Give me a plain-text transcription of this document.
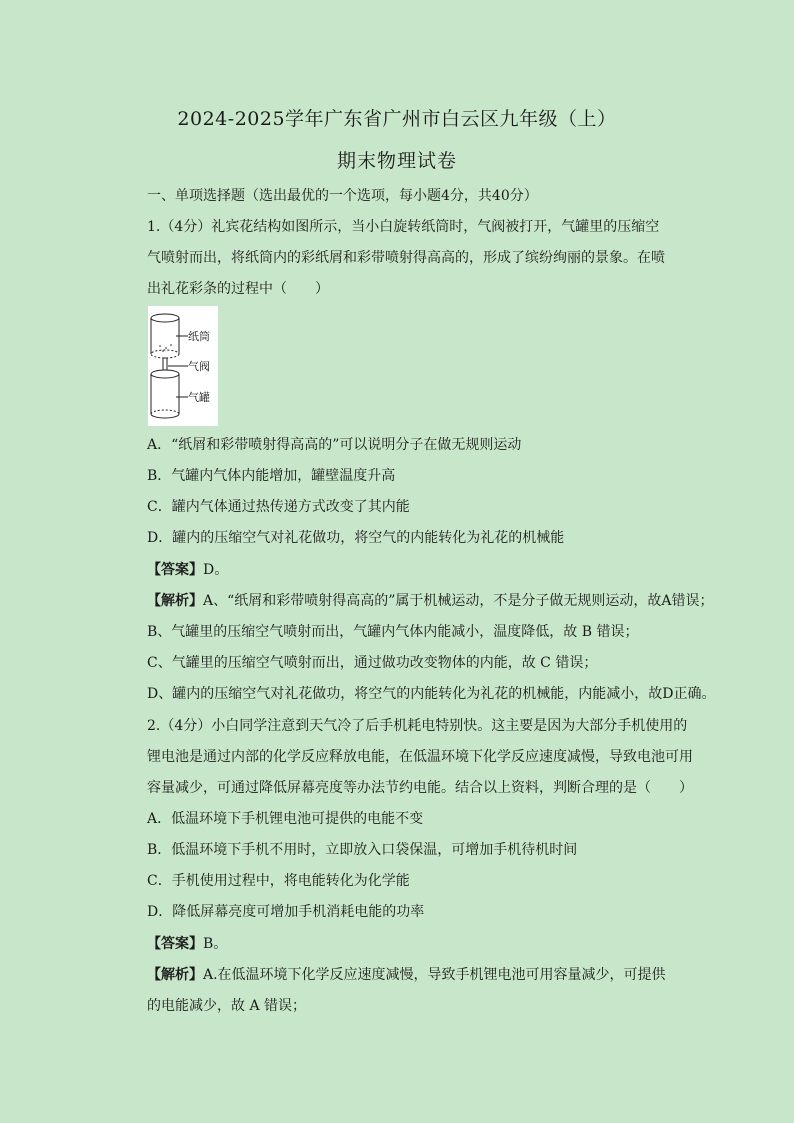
2024-2025学年广东省广州市白云区九年级（上）
期末物理试卷
一、单项选择题（选出最优的一个选项，每小题4分，共40分）
1.（4分）礼宾花结构如图所示，当小白旋转纸筒时，气阀被打开，气罐里的压缩空
气喷射而出，将纸筒内的彩纸屑和彩带喷射得高高的，形成了缤纷绚丽的景象。在喷
出礼花彩条的过程中（　　）
纸筒
气阀
气罐
A．“纸屑和彩带喷射得高高的”可以说明分子在做无规则运动
B．气罐内气体内能增加，罐壁温度升高
C．罐内气体通过热传递方式改变了其内能
D．罐内的压缩空气对礼花做功，将空气的内能转化为礼花的机械能
【答案】D。
【解析】A、“纸屑和彩带喷射得高高的”属于机械运动，不是分子做无规则运动，故A错误；
B、气罐里的压缩空气喷射而出，气罐内气体内能减小，温度降低，故 B 错误；
C、气罐里的压缩空气喷射而出，通过做功改变物体的内能，故 C 错误；
D、罐内的压缩空气对礼花做功，将空气的内能转化为礼花的机械能，内能减小，故D正确。
2.（4分）小白同学注意到天气冷了后手机耗电特别快。这主要是因为大部分手机使用的
锂电池是通过内部的化学反应释放电能，在低温环境下化学反应速度减慢，导致电池可用
容量减少，可通过降低屏幕亮度等办法节约电能。结合以上资料，判断合理的是（　　）
A．低温环境下手机锂电池可提供的电能不变
B．低温环境下手机不用时，立即放入口袋保温，可增加手机待机时间
C．手机使用过程中，将电能转化为化学能
D．降低屏幕亮度可增加手机消耗电能的功率
【答案】B。
【解析】A.在低温环境下化学反应速度减慢，导致手机锂电池可用容量减少，可提供
的电能减少，故 A 错误；
